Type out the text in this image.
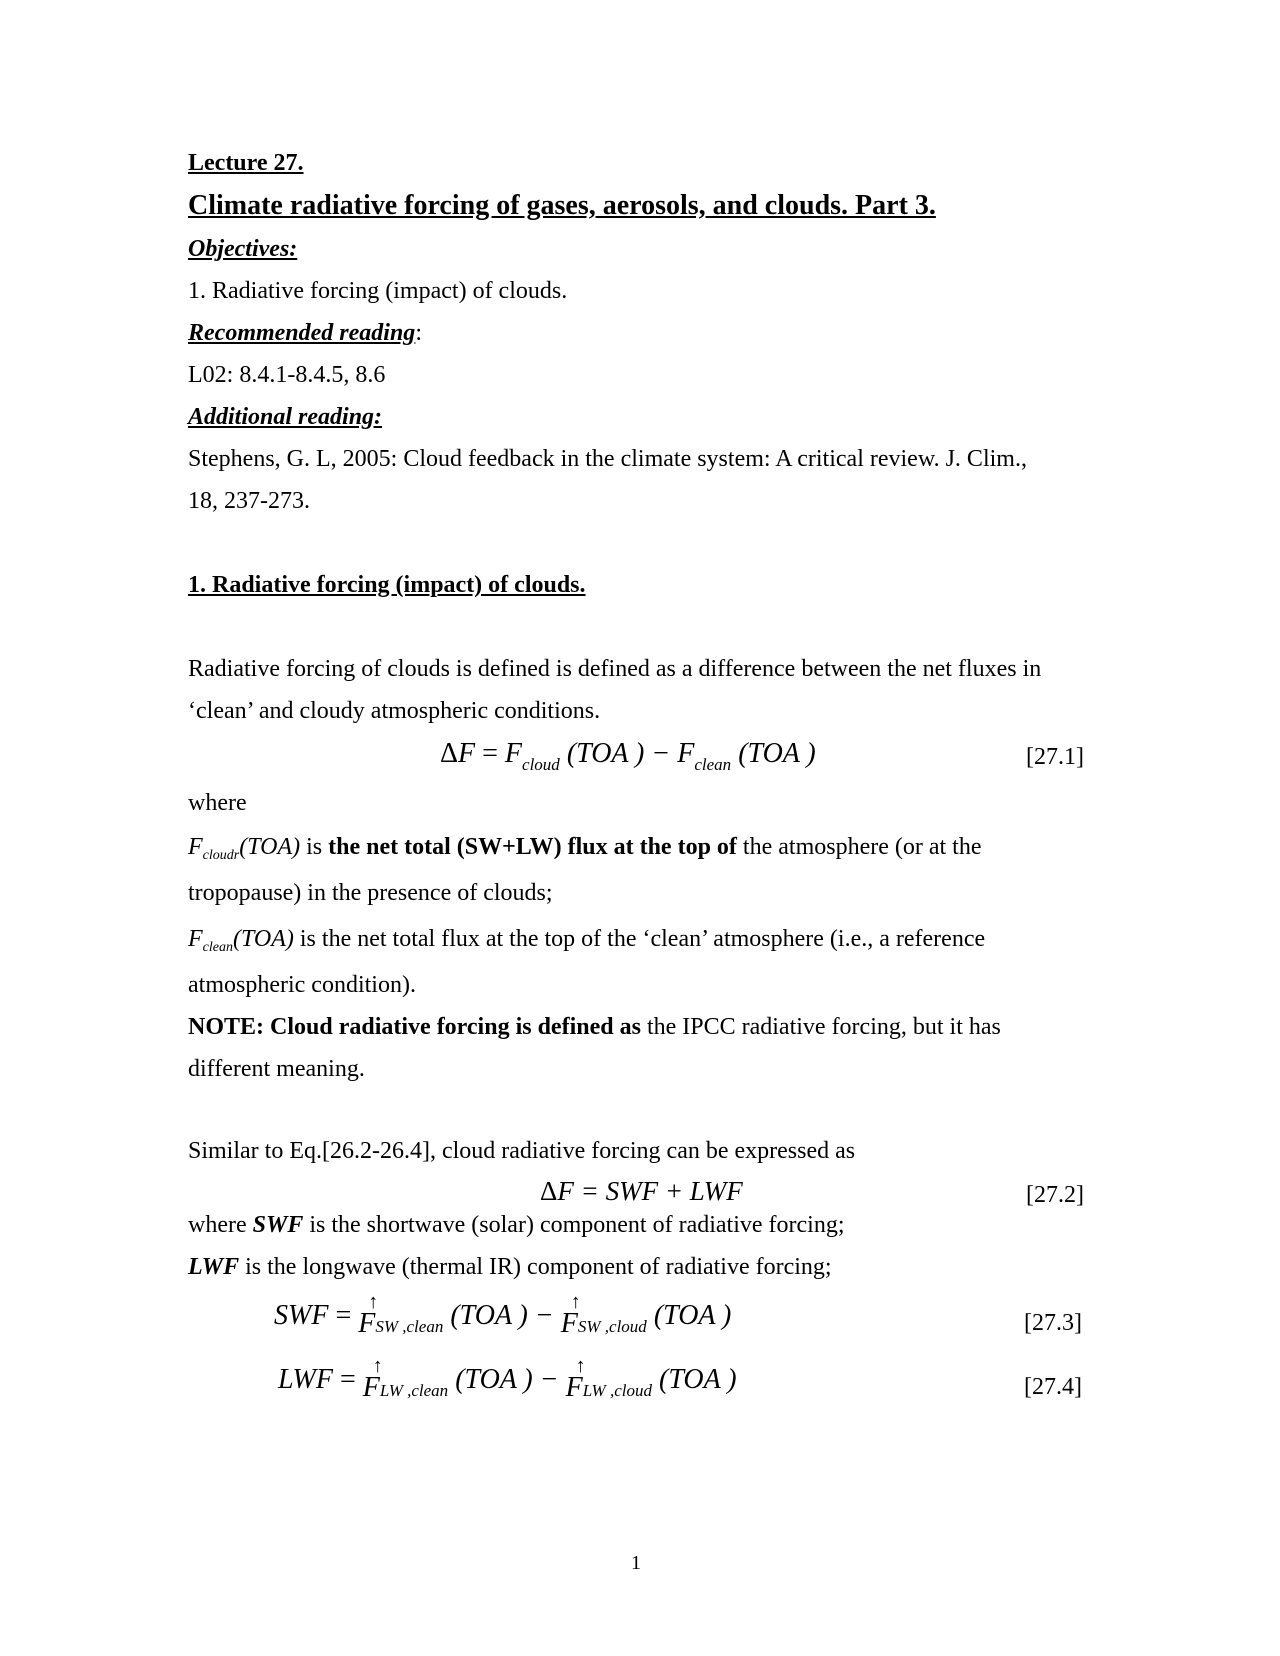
Lecture 27.
Climate radiative forcing of gases, aerosols, and clouds. Part 3.
Objectives:
1. Radiative forcing (impact) of clouds.
Recommended reading:
L02: 8.4.1-8.4.5, 8.6
Additional reading:
Stephens, G. L, 2005: Cloud feedback in the climate system: A critical review. J. Clim.,
18, 237-273.
1. Radiative forcing (impact) of clouds.
Radiative forcing of clouds is defined is defined as a difference between the net fluxes in
‘clean’ and cloudy atmospheric conditions.
$\Delta F = F_{cloud}$ (TOA ) − $F_{clean}$ (TOA )	[27.1]
where
$F_{cloudr}(TOA)$ is the net total (SW+LW) flux at the top of the atmosphere (or at the
tropopause) in the presence of clouds;
$F_{clean}(TOA)$ is the net total flux at the top of the ‘clean’ atmosphere (i.e., a reference
atmospheric condition).
NOTE: Cloud radiative forcing is defined as the IPCC radiative forcing, but it has
different meaning.
Similar to Eq.[26.2-26.4], cloud radiative forcing can be expressed as
ΔF = SWF + LWF	[27.2]
where SWF is the shortwave (solar) component of radiative forcing;
LWF is the longwave (thermal IR) component of radiative forcing;
SWF = F
↑
SW ,clean (TOA ) − F
↑
SW ,cloud (TOA )	[27.3]
LWF = F
↑
LW ,clean (TOA ) − F
↑
LW ,cloud (TOA )	[27.4]
1
